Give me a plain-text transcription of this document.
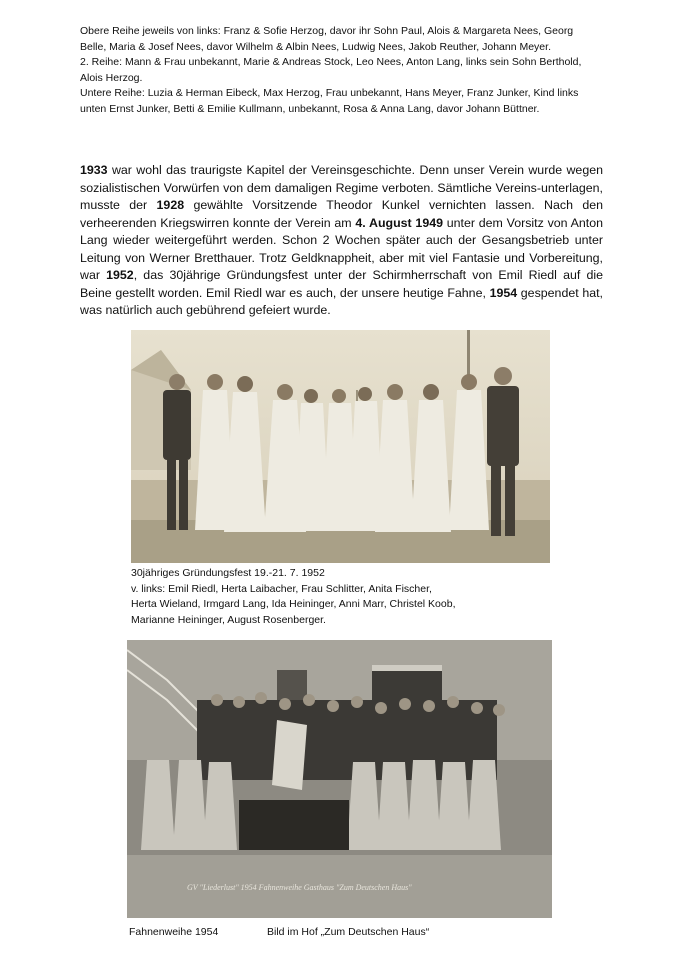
Obere Reihe jeweils von links: Franz & Sofie Herzog, davor ihr Sohn Paul, Alois & Margareta Nees, Georg Belle, Maria & Josef Nees, davor Wilhelm & Albin Nees, Ludwig Nees, Jakob Reuther, Johann Meyer.

2. Reihe: Mann & Frau unbekannt, Marie & Andreas Stock, Leo Nees, Anton Lang, links sein Sohn Berthold, Alois Herzog.

Untere Reihe: Luzia & Herman Eibeck, Max Herzog, Frau unbekannt, Hans Meyer, Franz Junker, Kind links unten Ernst Junker, Betti & Emilie Kullmann, unbekannt, Rosa & Anna Lang, davor Johann Büttner.

1933 war wohl das traurigste Kapitel der Vereinsgeschichte. Denn unser Verein wurde wegen sozialistischen Vorwürfen von dem damaligen Regime verboten. Sämtliche Vereins-unterlagen, musste der 1928 gewählte Vorsitzende Theodor Kunkel vernichten lassen. Nach den verheerenden Kriegswirren konnte der Verein am 4. August 1949 unter dem Vorsitz von Anton Lang wieder weitergeführt werden. Schon 2 Wochen später auch der Gesangsbetrieb unter Leitung von Werner Bretthauer. Trotz Geldknappheit, aber mit viel Fantasie und Vorbereitung, war 1952, das 30jährige Gründungsfest unter der Schirmherrschaft von Emil Riedl auf die Beine gestellt worden. Emil Riedl war es auch, der unsere heutige Fahne, 1954 gespendet hat, was natürlich auch gebührend gefeiert wurde.

30jähriges Gründungsfest 19.-21. 7. 1952

v. links: Emil Riedl, Herta Laibacher, Frau Schlitter, Anita Fischer,

Herta Wieland, Irmgard Lang, Ida Heininger, Anni Marr, Christel Koob,

Marianne Heininger, August Rosenberger.

GV "Liederlust" 1954 Fahnenweihe Gasthaus "Zum Deutschen Haus"
Fahnenweihe 1954	Bild im Hof „Zum Deutschen Haus“
